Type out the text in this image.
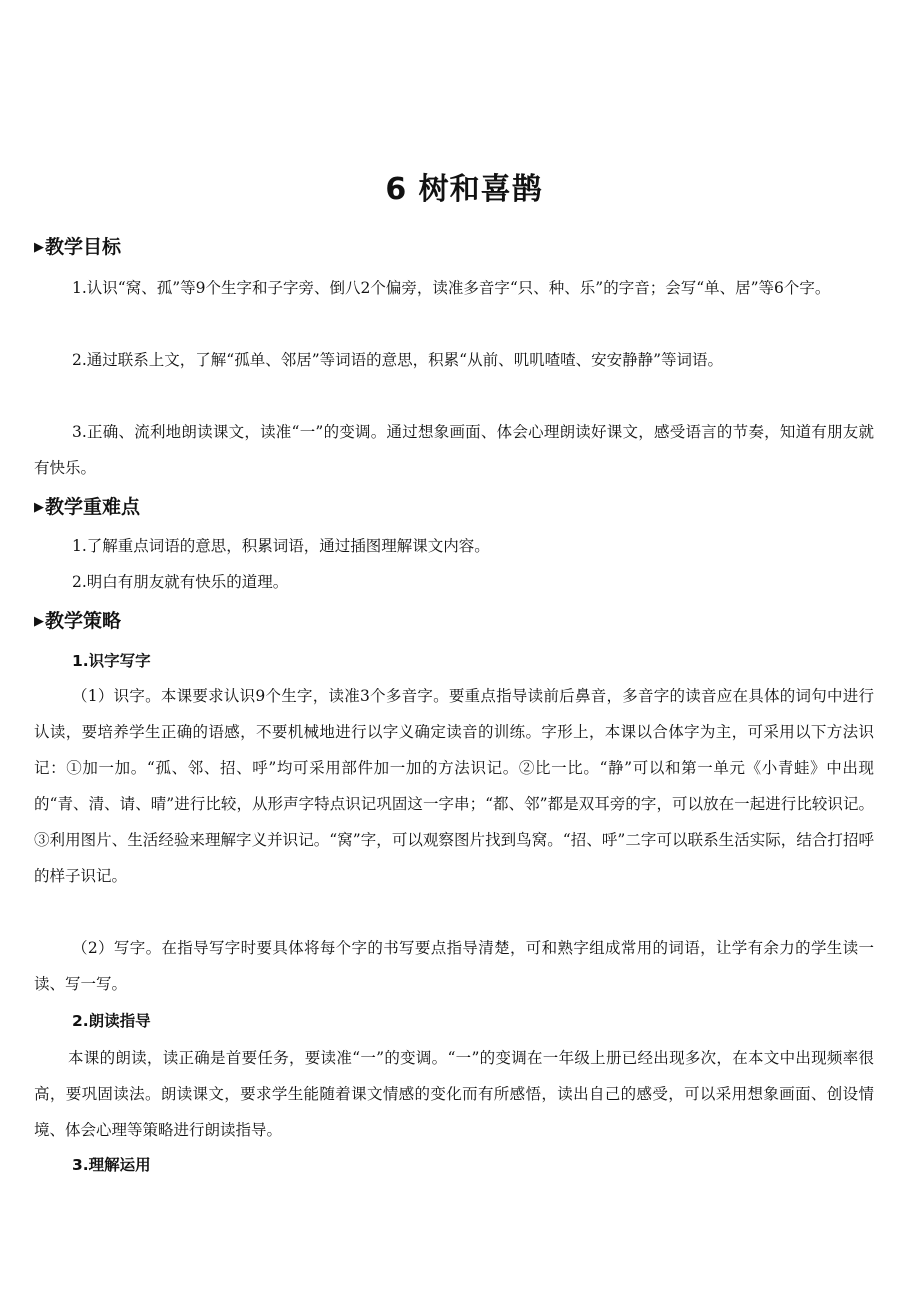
6 树和喜鹊
▶教学目标
1.认识“窝、孤”等9个生字和子字旁、倒八2个偏旁，读准多音字“只、种、乐”的字音；会写“单、居”等6个字。
2.通过联系上文，了解“孤单、邻居”等词语的意思，积累“从前、叽叽喳喳、安安静静”等词语。
3.正确、流利地朗读课文，读准“一”的变调。通过想象画面、体会心理朗读好课文，感受语言的节奏，知道有朋友就有快乐。
▶教学重难点
1.了解重点词语的意思，积累词语，通过插图理解课文内容。
2.明白有朋友就有快乐的道理。
▶教学策略
1.识字写字
（1）识字。本课要求认识9个生字，读准3个多音字。要重点指导读前后鼻音，多音字的读音应在具体的词句中进行认读，要培养学生正确的语感，不要机械地进行以字义确定读音的训练。字形上，本课以合体字为主，可采用以下方法识记：①加一加。“孤、邻、招、呼”均可采用部件加一加的方法识记。②比一比。“静”可以和第一单元《小青蛙》中出现的“青、清、请、晴”进行比较，从形声字特点识记巩固这一字串；“都、邻”都是双耳旁的字，可以放在一起进行比较识记。③利用图片、生活经验来理解字义并识记。“窝”字，可以观察图片找到鸟窝。“招、呼”二字可以联系生活实际，结合打招呼的样子识记。
（2）写字。在指导写字时要具体将每个字的书写要点指导清楚，可和熟字组成常用的词语，让学有余力的学生读一读、写一写。
2.朗读指导
本课的朗读，读正确是首要任务，要读准“一”的变调。“一”的变调在一年级上册已经出现多次，在本文中出现频率很高，要巩固读法。朗读课文，要求学生能随着课文情感的变化而有所感悟，读出自己的感受，可以采用想象画面、创设情境、体会心理等策略进行朗读指导。
3.理解运用
